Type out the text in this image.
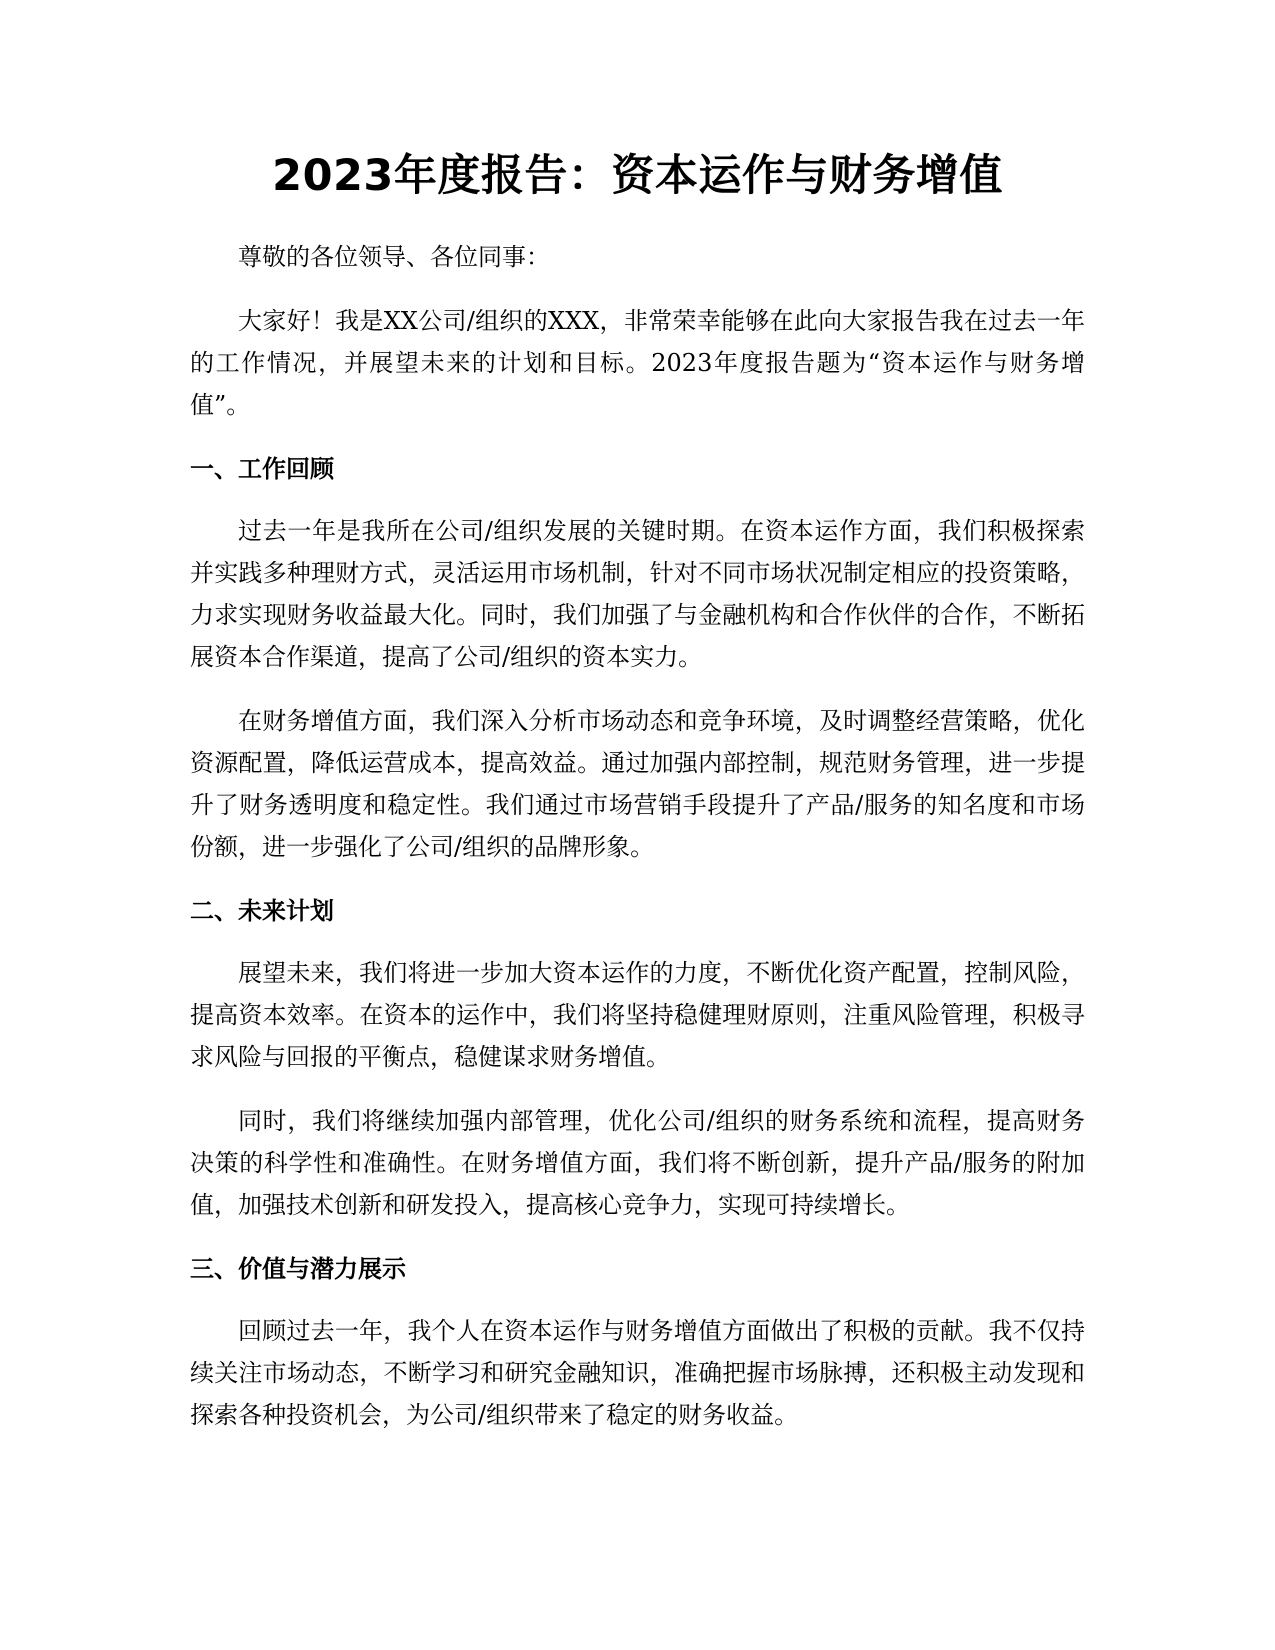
2023年度报告：资本运作与财务增值

尊敬的各位领导、各位同事：

大家好！我是XX公司/组织的XXX，非常荣幸能够在此向大家报告我在过去一年的工作情况，并展望未来的计划和目标。2023年度报告题为“资本运作与财务增值”。

一、工作回顾

过去一年是我所在公司/组织发展的关键时期。在资本运作方面，我们积极探索并实践多种理财方式，灵活运用市场机制，针对不同市场状况制定相应的投资策略，力求实现财务收益最大化。同时，我们加强了与金融机构和合作伙伴的合作，不断拓展资本合作渠道，提高了公司/组织的资本实力。

在财务增值方面，我们深入分析市场动态和竞争环境，及时调整经营策略，优化资源配置，降低运营成本，提高效益。通过加强内部控制，规范财务管理，进一步提升了财务透明度和稳定性。我们通过市场营销手段提升了产品/服务的知名度和市场份额，进一步强化了公司/组织的品牌形象。

二、未来计划

展望未来，我们将进一步加大资本运作的力度，不断优化资产配置，控制风险，提高资本效率。在资本的运作中，我们将坚持稳健理财原则，注重风险管理，积极寻求风险与回报的平衡点，稳健谋求财务增值。

同时，我们将继续加强内部管理，优化公司/组织的财务系统和流程，提高财务决策的科学性和准确性。在财务增值方面，我们将不断创新，提升产品/服务的附加值，加强技术创新和研发投入，提高核心竞争力，实现可持续增长。

三、价值与潜力展示

回顾过去一年，我个人在资本运作与财务增值方面做出了积极的贡献。我不仅持续关注市场动态，不断学习和研究金融知识，准确把握市场脉搏，还积极主动发现和探索各种投资机会，为公司/组织带来了稳定的财务收益。
